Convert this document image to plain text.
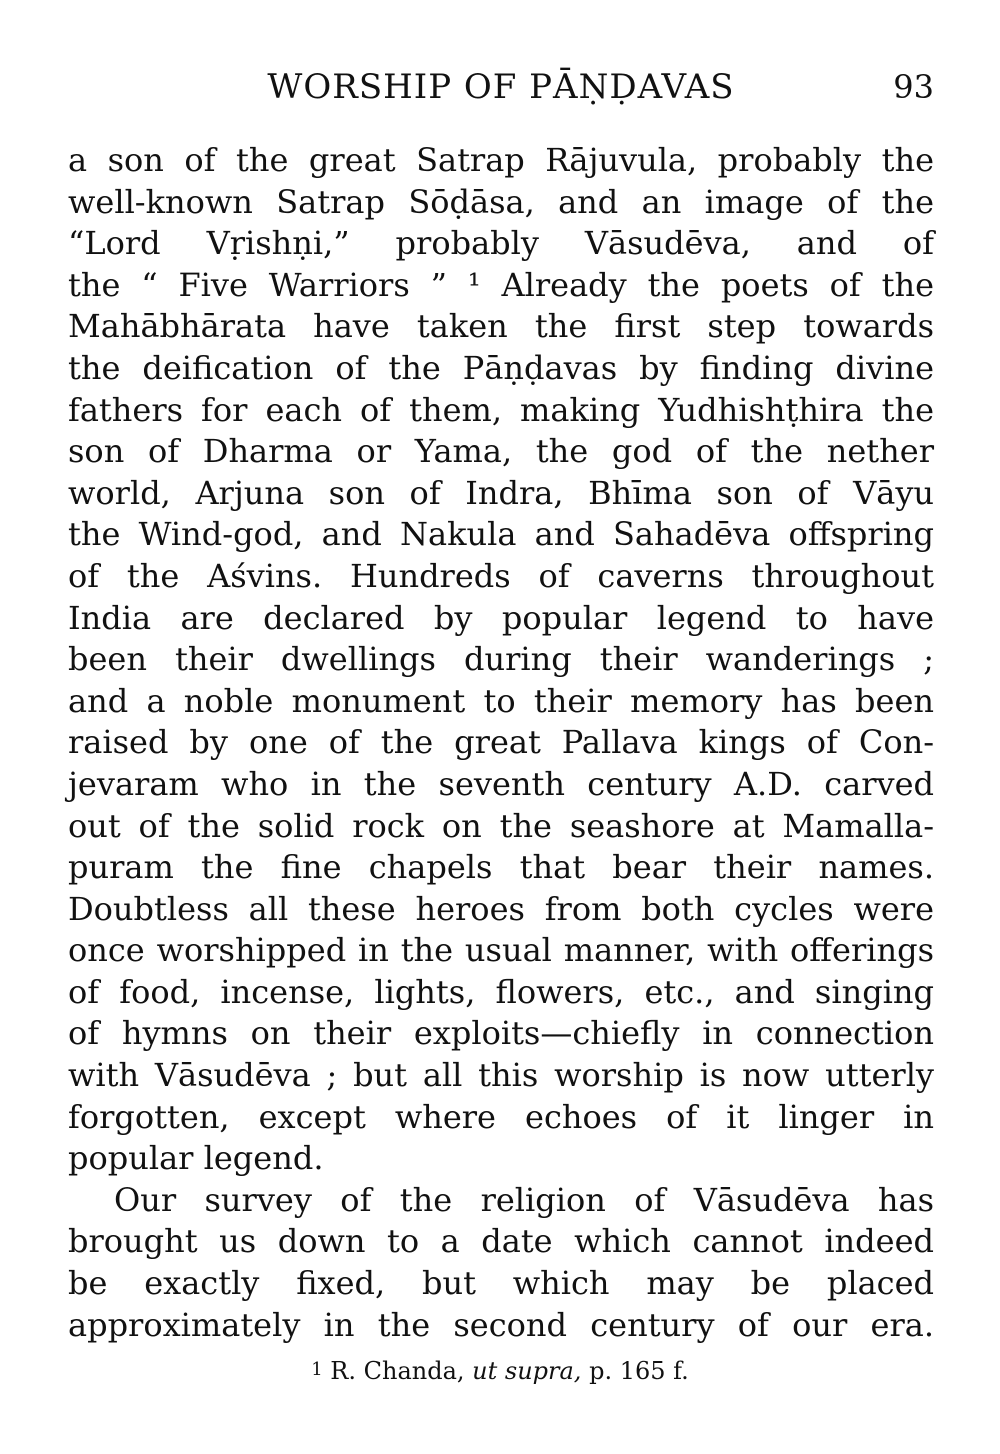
WORSHIP OF PĀṆḌAVAS	93
a son of the great Satrap Rājuvula, probably the
well-known Satrap Sōḍāsa, and an image of the
“Lord Vṛishṇi,” probably Vāsudēva, and of
the “ Five Warriors ” ¹ Already the poets of the
Mahābhārata have taken the first step towards
the deification of the Pāṇḍavas by finding divine
fathers for each of them, making Yudhishṭhira the
son of Dharma or Yama, the god of the nether
world, Arjuna son of Indra, Bhīma son of Vāyu
the Wind-god, and Nakula and Sahadēva offspring
of the Aśvins. Hundreds of caverns throughout
India are declared by popular legend to have
been their dwellings during their wanderings ;
and a noble monument to their memory has been
raised by one of the great Pallava kings of Con-
jevaram who in the seventh century A.D. carved
out of the solid rock on the seashore at Mamalla-
puram the fine chapels that bear their names.
Doubtless all these heroes from both cycles were
once worshipped in the usual manner, with offerings
of food, incense, lights, flowers, etc., and singing
of hymns on their exploits—chiefly in connection
with Vāsudēva ; but all this worship is now utterly
forgotten, except where echoes of it linger in
popular legend.
Our survey of the religion of Vāsudēva has
brought us down to a date which cannot indeed
be exactly fixed, but which may be placed
approximately in the second century of our era.
1 R. Chanda, ut supra, p. 165 f.
